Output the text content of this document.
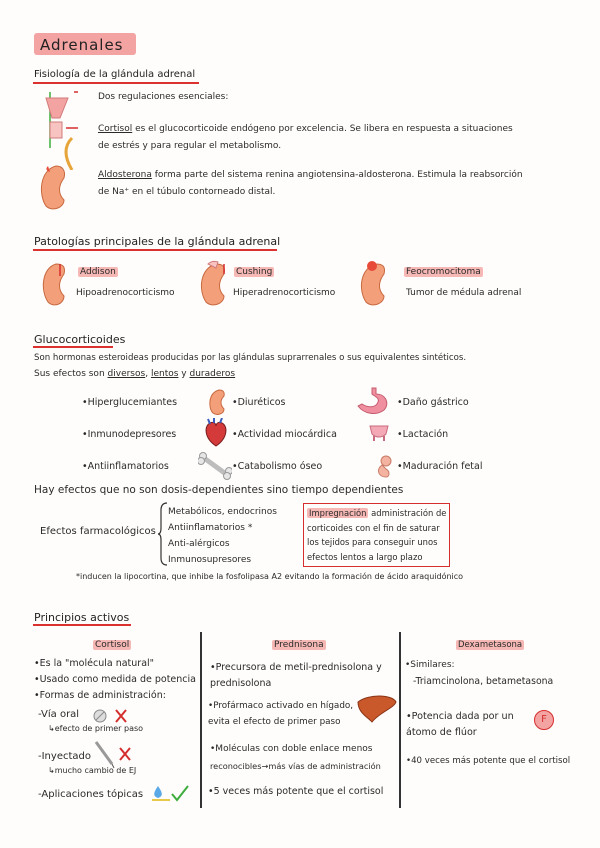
Adrenales
Fisiología de la glándula adrenal
Dos regulaciones esenciales:
Cortisol es el glucocorticoide endógeno por excelencia. Se libera en respuesta a situaciones
de estrés y para regular el metabolismo.
Aldosterona forma parte del sistema renina angiotensina-aldosterona. Estimula la reabsorción
de Na⁺ en el túbulo contorneado distal.
Patologías principales de la glándula adrenal
Addison
Hipoadrenocorticismo
Cushing
Hiperadrenocorticismo
Feocromocitoma
Tumor de médula adrenal
Glucocorticoides
Son hormonas esteroideas producidas por las glándulas suprarrenales o sus equivalentes sintéticos.
Sus efectos son diversos, lentos y duraderos
•Hiperglucemiantes	•Diuréticos	•Daño gástrico
•Inmunodepresores	•Actividad miocárdica	•Lactación
•Antiinflamatorios	•Catabolismo óseo	•Maduración fetal
Hay efectos que no son dosis-dependientes sino tiempo dependientes
Efectos farmacológicos
Metabólicos, endocrinos
Antiinflamatorios *
Anti-alérgicos
Inmunosupresores
Impregnación administración de
corticoides con el fin de saturar
los tejidos para conseguir unos
efectos lentos a largo plazo
*inducen la lipocortina, que inhibe la fosfolipasa A2 evitando la formación de ácido araquidónico
Principios activos
Cortisol
•Es la "molécula natural"
•Usado como medida de potencia
•Formas de administración:
-Vía oral
↳efecto de primer paso
-Inyectado
↳mucho cambio de EJ
-Aplicaciones tópicas
Prednisona
•Precursora de metil-prednisolona y
prednisolona
•Profármaco activado en hígado,
evita el efecto de primer paso
•Moléculas con doble enlace menos
reconocibles→más vías de administración
•5 veces más potente que el cortisol
Dexametasona
•Similares:
-Triamcinolona, betametasona
•Potencia dada por un
átomo de flúor
F
•40 veces más potente que el cortisol
